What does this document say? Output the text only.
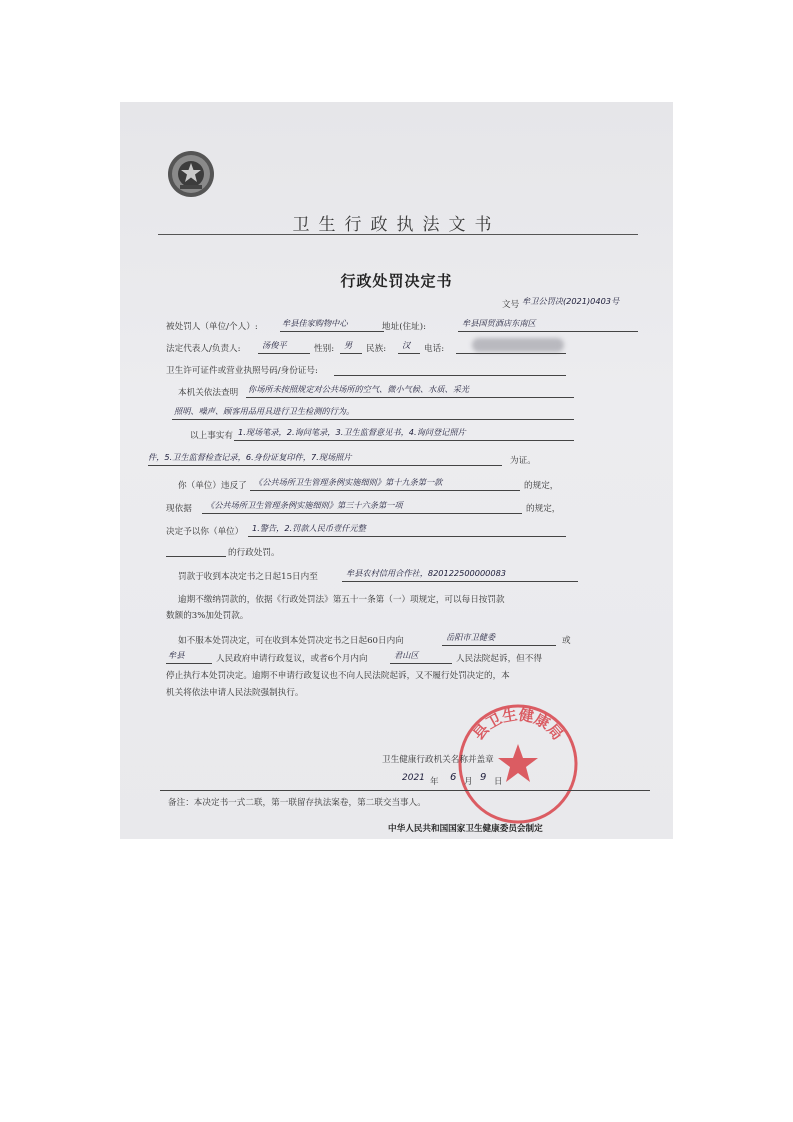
卫生行政执法文书
行政处罚决定书
文号 牟卫公罚决(2021)0403号
被处罚人（单位/个人）:	牟县佳家购物中心	地址(住址):	牟县国贸酒店东南区
法定代表人/负责人:	汤俊平	性别: 男 民族: 汉 电话:
卫生许可证件或营业执照号码/身份证号:
本机关依法查明 你场所未按照规定对公共场所的空气、微小气候、水质、采光
照明、噪声、顾客用品用具进行卫生检测的行为。
以上事实有 1.现场笔录，2.询问笔录，3.卫生监督意见书，4.询问登记照片
件，5.卫生监督检查记录，6.身份证复印件，7.现场照片	为证。
你（单位）违反了 《公共场所卫生管理条例实施细则》第十九条第一款	的规定，
现依据 《公共场所卫生管理条例实施细则》第三十六条第一项	的规定，
决定予以你（单位） 1.警告，2.罚款人民币壹仟元整
的行政处罚。
罚款于收到本决定书之日起15日内至	牟县农村信用合作社，820122500000083
逾期不缴纳罚款的，依据《行政处罚法》第五十一条第（一）项规定，可以每日按罚款
数额的3%加处罚款。
如不服本处罚决定，可在收到本处罚决定书之日起60日内向	岳阳市卫健委	或
牟县	人民政府申请行政复议，或者6个月内向	君山区	人民法院起诉，但不得
停止执行本处罚决定。逾期不申请行政复议也不向人民法院起诉，又不履行处罚决定的，本
机关将依法申请人民法院强制执行。
县卫生健康局
卫生健康行政机关名称并盖章
2021 年 6 月 9 日
备注：本决定书一式二联，第一联留存执法案卷，第二联交当事人。
中华人民共和国国家卫生健康委员会制定
